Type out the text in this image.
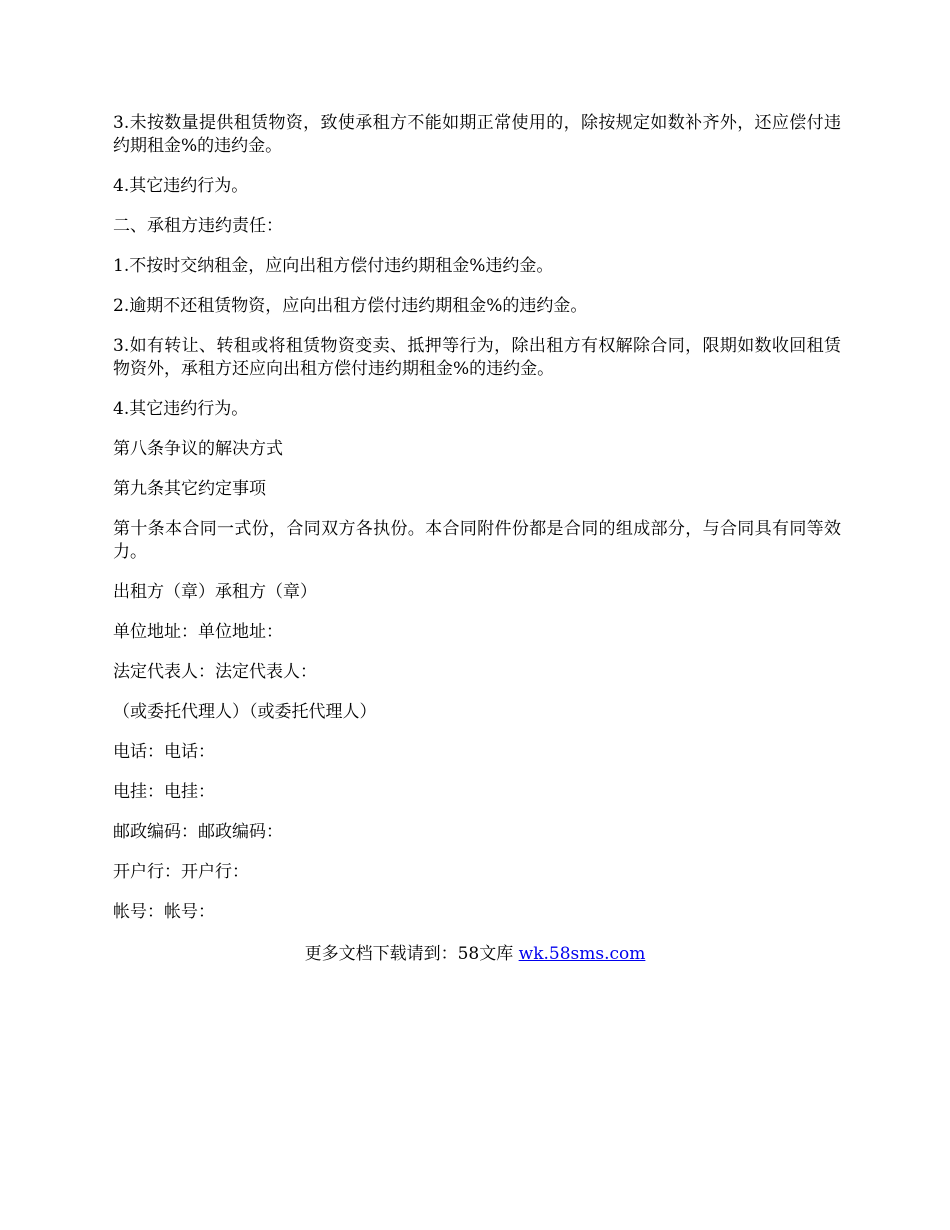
3.未按数量提供租赁物资，致使承租方不能如期正常使用的，除按规定如数补齐外，还应偿付违约期租金%的违约金。

4.其它违约行为。

二、承租方违约责任：

1.不按时交纳租金，应向出租方偿付违约期租金%违约金。

2.逾期不还租赁物资，应向出租方偿付违约期租金%的违约金。

3.如有转让、转租或将租赁物资变卖、抵押等行为，除出租方有权解除合同，限期如数收回租赁物资外，承租方还应向出租方偿付违约期租金%的违约金。

4.其它违约行为。

第八条争议的解决方式

第九条其它约定事项

第十条本合同一式份，合同双方各执份。本合同附件份都是合同的组成部分，与合同具有同等效力。

出租方（章）承租方（章）

单位地址：单位地址：

法定代表人：法定代表人：

（或委托代理人）（或委托代理人）

电话：电话：

电挂：电挂：

邮政编码：邮政编码：

开户行：开户行：

帐号：帐号：

更多文档下载请到：58文库 wk.58sms.com
